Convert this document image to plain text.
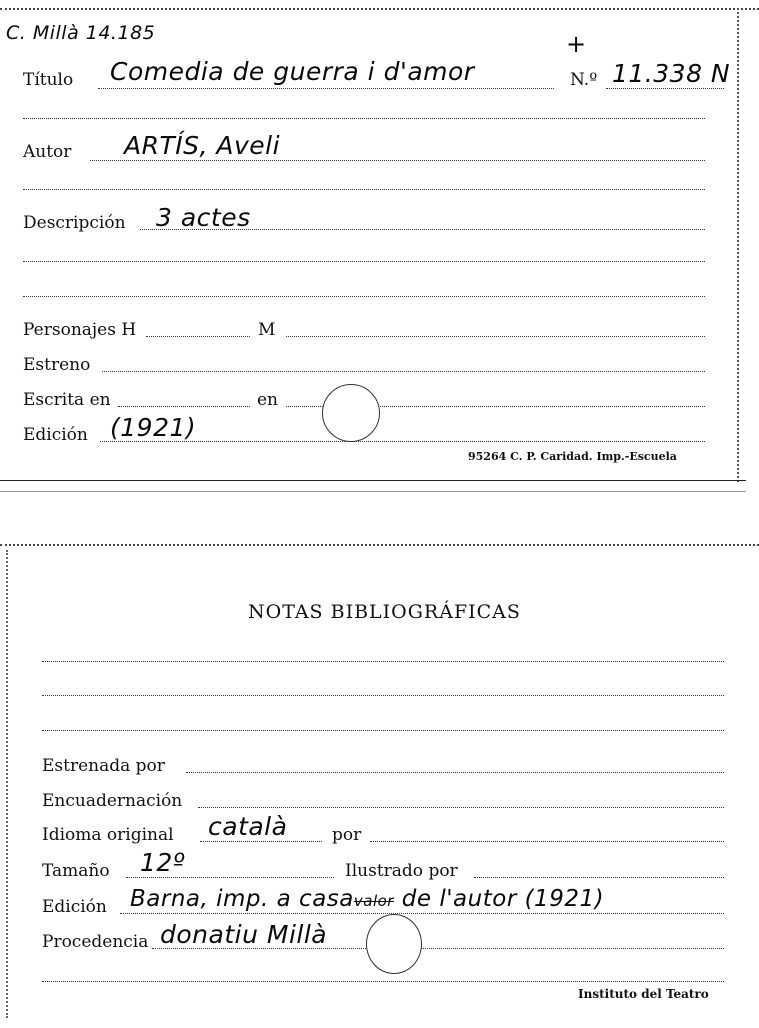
C. Millà 14.185	+
Título Comedia de guerra i d'amor	N.º 11.338 N
Autor ARTÍS, Aveli
Descripción 3 actes
Personajes H	M
Estreno
Escrita en	en
Edición (1921)
95264 C. P. Caridad. Imp.-Escuela
NOTAS BIBLIOGRÁFICAS
Estrenada por
Encuadernación
Idioma original català	por
Tamaño 12º	Ilustrado por
Edición Barna, imp. a casavalor de l'autor (1921)
Procedencia donatiu Millà
Instituto del Teatro
